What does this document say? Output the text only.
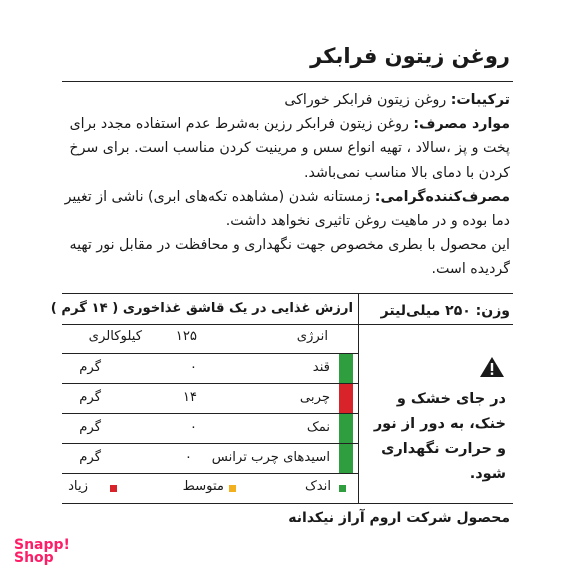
روغن زیتون فرابکر

ترکیبات: روغن زیتون فرابکر خوراکی

موارد مصرف: روغن زیتون فرابکر رزین به‌شرط عدم استفاده مجدد برای پخت و پز ،سالاد ، تهیه انواع سس و مرینیت کردن مناسب است. برای سرخ کردن با دمای بالا مناسب نمی‌باشد.

مصرف‌کننده‌گرامی: زمستانه شدن (مشاهده تکه‌های ابری) ناشی از تغییر دما بوده و در ماهیت روغن تاثیری نخواهد داشت.

این محصول با بطری مخصوص جهت نگهداری و محافظت در مقابل نور تهیه گردیده است.

وزن: ۲۵۰ میلی‌لیتر
در جای خشک و خنک، به دور از نور و حرارت نگهداری شود.
ارزش غذایی در یک قاشق غذاخوری ( ۱۴ گرم )
انرژی
۱۲۵
کیلوکالری
قند
۰
گرم
چربی
۱۴
گرم
نمک
۰
گرم
اسیدهای چرب ترانس
۰
گرم
اندک
متوسط
زیاد
محصول شرکت اروم آراز نیکدانه
Snapp!
Shop
